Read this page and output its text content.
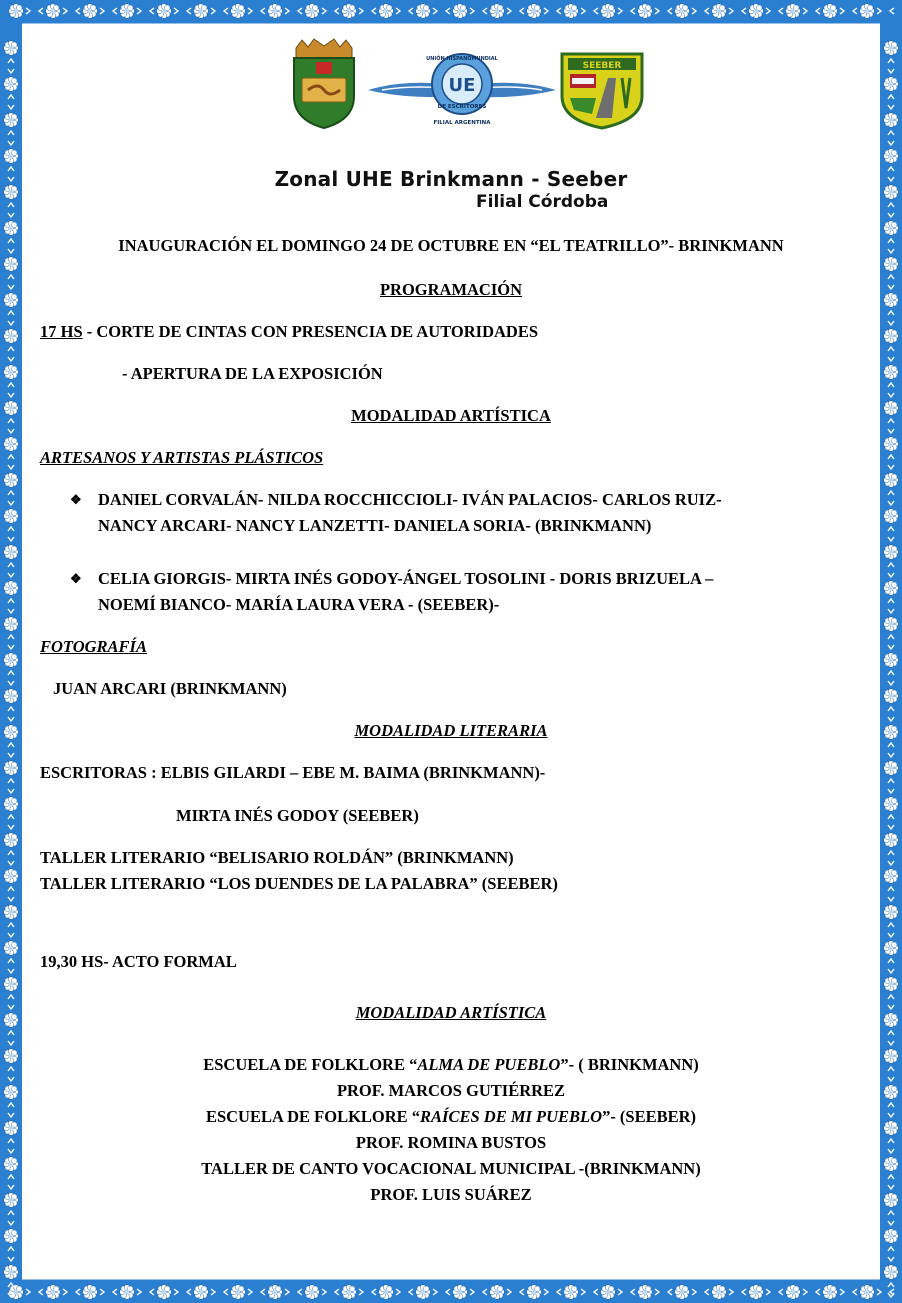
UE
UNIÓN HISPANOMUNDIAL
DE ESCRITORES
FILIAL ARGENTINA
SEEBER
Zonal UHE Brinkmann - Seeber
Filial Córdoba
INAUGURACIÓN EL DOMINGO 24 DE OCTUBRE EN “EL TEATRILLO”- BRINKMANN
PROGRAMACIÓN
17 HS - CORTE DE CINTAS CON PRESENCIA DE AUTORIDADES
- APERTURA DE LA EXPOSICIÓN
MODALIDAD ARTÍSTICA
ARTESANOS Y ARTISTAS PLÁSTICOS
❖ DANIEL CORVALÁN- NILDA ROCCHICCIOLI- IVÁN PALACIOS- CARLOS RUIZ-
NANCY ARCARI- NANCY LANZETTI- DANIELA SORIA- (BRINKMANN)
❖ CELIA GIORGIS- MIRTA INÉS GODOY-ÁNGEL TOSOLINI - DORIS BRIZUELA –
NOEMÍ BIANCO- MARÍA LAURA VERA - (SEEBER)-
FOTOGRAFÍA
JUAN ARCARI (BRINKMANN)
MODALIDAD LITERARIA
ESCRITORAS : ELBIS GILARDI – EBE M. BAIMA (BRINKMANN)-
MIRTA INÉS GODOY (SEEBER)
TALLER LITERARIO “BELISARIO ROLDÁN” (BRINKMANN)
TALLER LITERARIO “LOS DUENDES DE LA PALABRA” (SEEBER)
19,30 HS- ACTO FORMAL
MODALIDAD ARTÍSTICA
ESCUELA DE FOLKLORE “ALMA DE PUEBLO”- ( BRINKMANN)
PROF. MARCOS GUTIÉRREZ
ESCUELA DE FOLKLORE “RAÍCES DE MI PUEBLO”- (SEEBER)
PROF. ROMINA BUSTOS
TALLER DE CANTO VOCACIONAL MUNICIPAL -(BRINKMANN)
PROF. LUIS SUÁREZ
